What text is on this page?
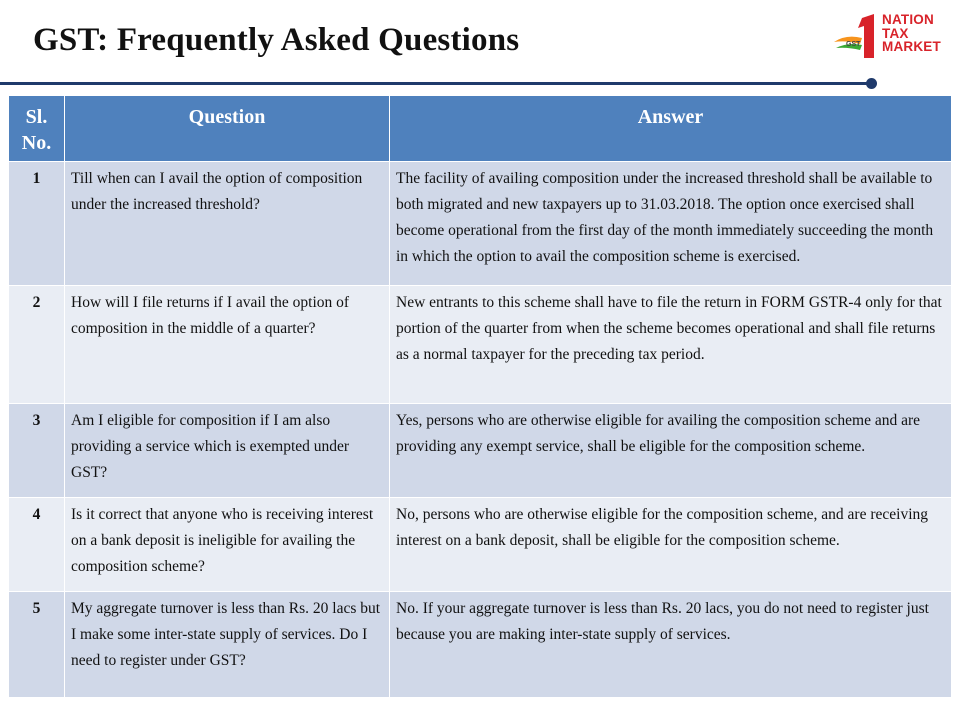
GST: Frequently Asked Questions	GST
NATION
TAX
MARKET
Sl. No.	Question	Answer
1	Till when can I avail the option of composition under the increased threshold?	The facility of availing composition under the increased threshold shall be available to both migrated and new taxpayers up to 31.03.2018. The option once exercised shall become operational from the first day of the month immediately succeeding the month in which the option to avail the composition scheme is exercised.
2	How will I file returns if I avail the option of composition in the middle of a quarter?	New entrants to this scheme shall have to file the return in FORM GSTR-4 only for that portion of the quarter from when the scheme becomes operational and shall file returns as a normal taxpayer for the preceding tax period.
3	Am I eligible for composition if I am also providing a service which is exempted under GST?	Yes, persons who are otherwise eligible for availing the composition scheme and are providing any exempt service, shall be eligible for the composition scheme.
4	Is it correct that anyone who is receiving interest on a bank deposit is ineligible for availing the composition scheme?	No, persons who are otherwise eligible for the composition scheme, and are receiving interest on a bank deposit, shall be eligible for the composition scheme.
5	My aggregate turnover is less than Rs. 20 lacs but I make some inter-state supply of services. Do I need to register under GST?	No. If your aggregate turnover is less than Rs. 20 lacs, you do not need to register just because you are making inter-state supply of services.
